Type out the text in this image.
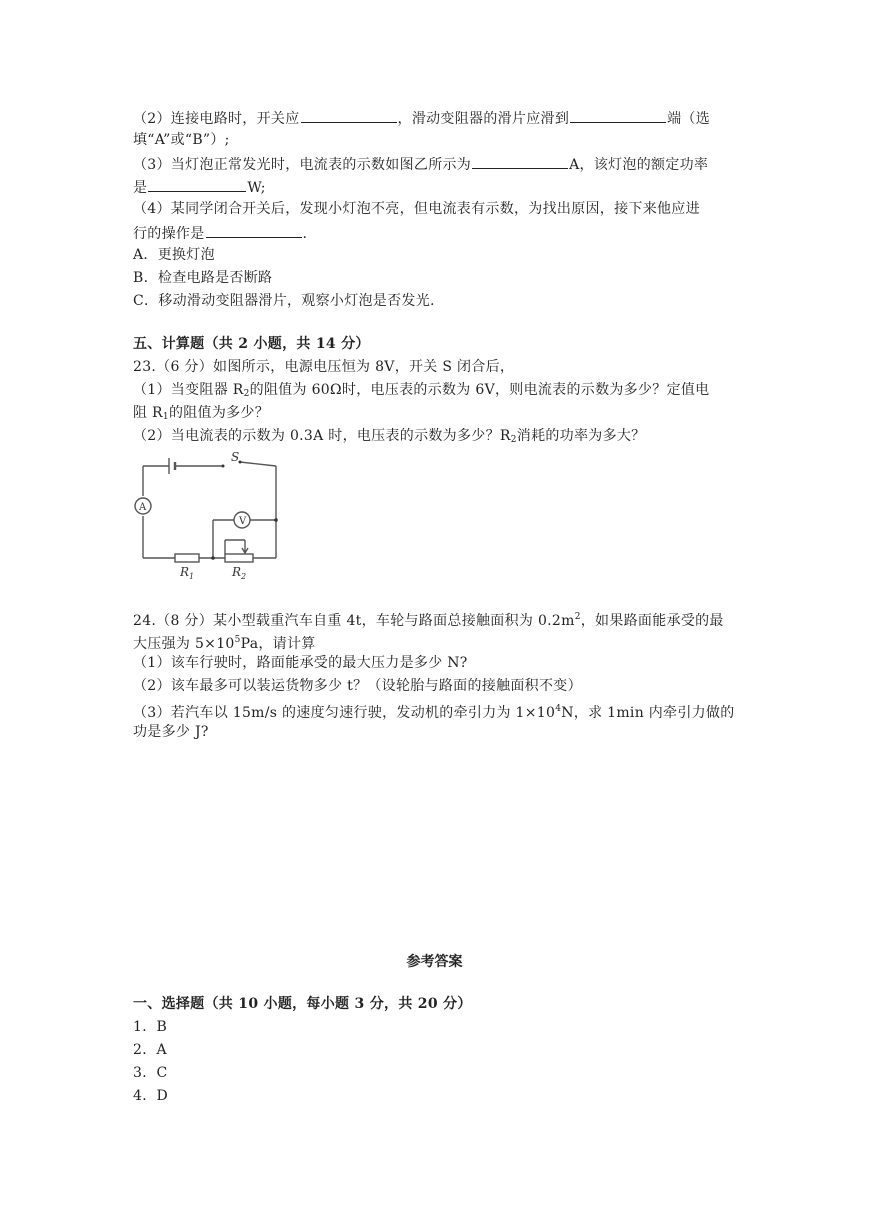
（2）连接电路时，开关应	，滑动变阻器的滑片应滑到	端（选
填“A”或“B”）;
（3）当灯泡正常发光时，电流表的示数如图乙所示为	A，该灯泡的额定功率
是	W;
（4）某同学闭合开关后，发现小灯泡不亮，但电流表有示数，为找出原因，接下来他应进
行的操作是	.
A．更换灯泡
B．检查电路是否断路
C．移动滑动变阻器滑片，观察小灯泡是否发光.
五、计算题（共 2 小题，共 14 分）
23.（6 分）如图所示，电源电压恒为 8V，开关 S 闭合后，
（1）当变阻器 $R_2$的阻值为 60Ω时，电压表的示数为 6V，则电流表的示数为多少？定值电
阻 $R_1$的阻值为多少？
（2）当电流表的示数为 0.3A 时，电压表的示数为多少？$R_2$消耗的功率为多大？
S
A
V
$R_1$	$R_2$
24.（8 分）某小型载重汽车自重 4t，车轮与路面总接触面积为 $0.2m^2$，如果路面能承受的最
大压强为 $5\times 10^5Pa$，请计算
（1）该车行驶时，路面能承受的最大压力是多少 N?
（2）该车最多可以装运货物多少 t？（设轮胎与路面的接触面积不变）
（3）若汽车以 15m/s 的速度匀速行驶，发动机的牵引力为 $1\times 10^4N$，求 1min 内牵引力做的
功是多少 J?
参考答案
一、选择题（共 10 小题，每小题 3 分，共 20 分）
1．B
2．A
3．C
4．D
